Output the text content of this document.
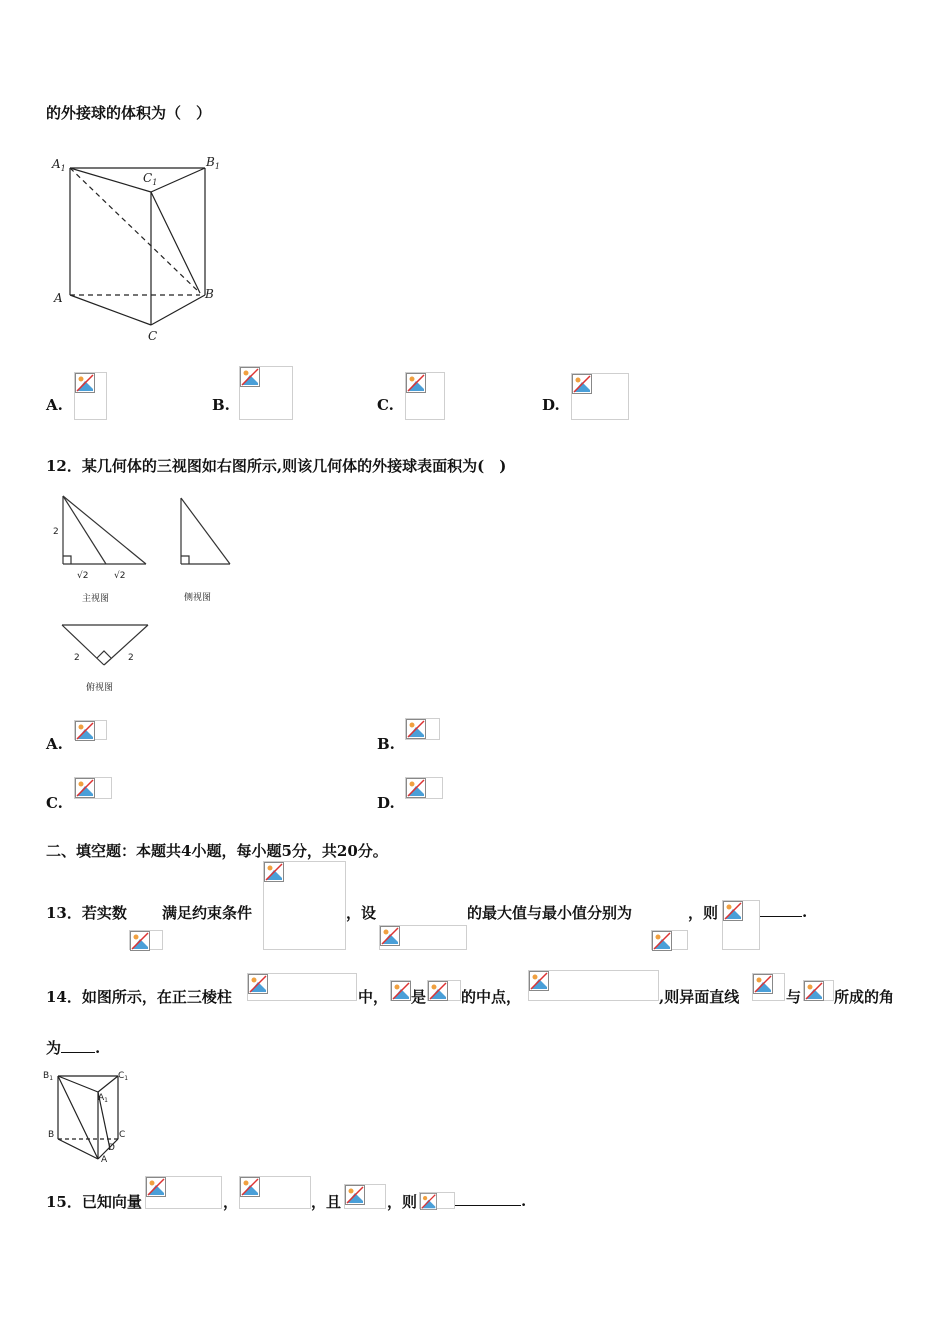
的外接球的体积为（　）
$A_1$	$B_1$
$C_1$
A	B
C
A.	B.	C.	D.
12．某几何体的三视图如右图所示,则该几何体的外接球表面积为(　)
2
√2	√2
主视图	侧视图
2	2
俯视图
A.	B.
C.	D.
二、填空题：本题共4小题，每小题5分，共20分。
13．若实数 满足约束条件	，设	的最大值与最小值分别为	，则	.
14．如图所示，在正三棱柱	中， 是 的中点，	,则异面直线	与 所成的角
为 .
$B_1$	$C_1$
$A_1$
B	C
D
A
15．已知向量	，	，且	，则	.
